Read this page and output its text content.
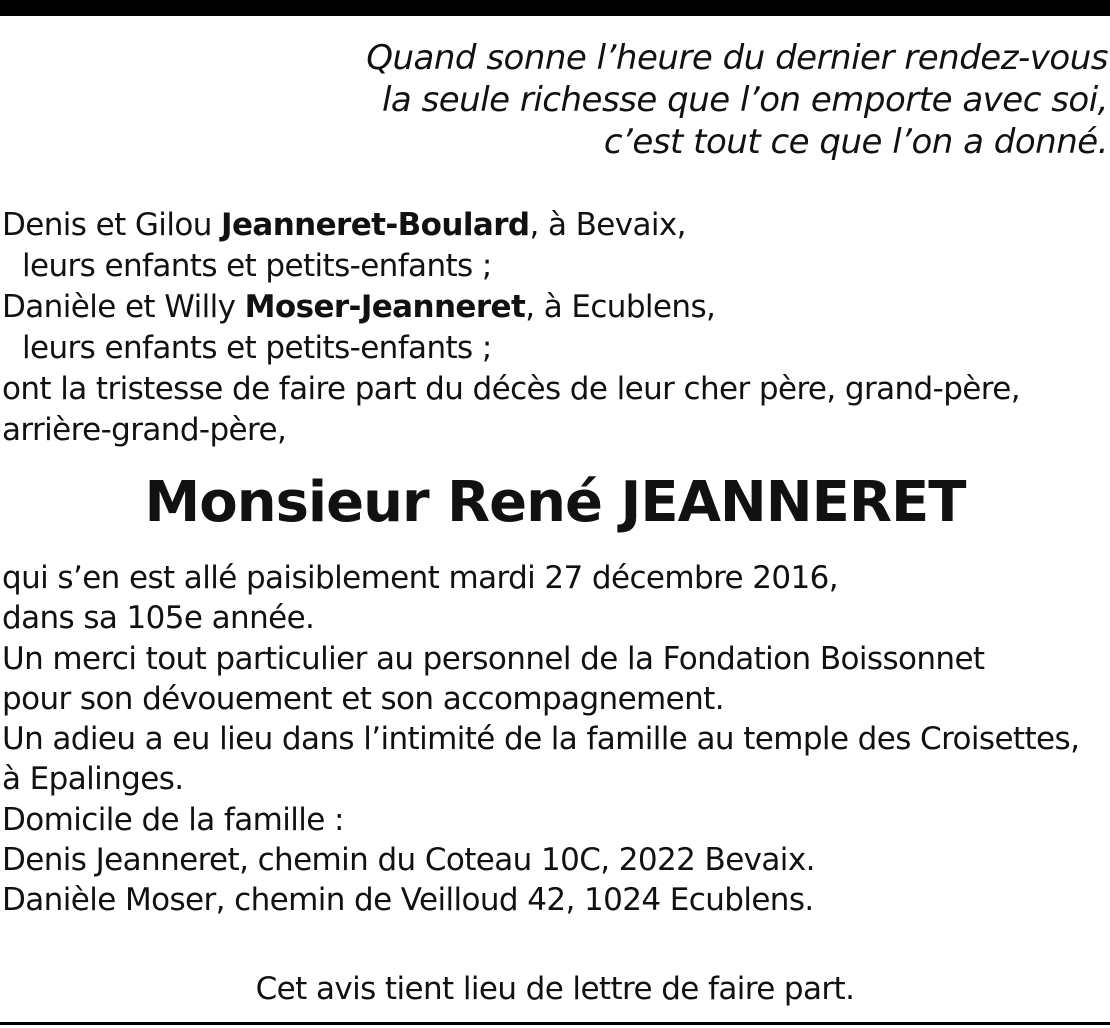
Quand sonne l’heure du dernier rendez-vous
la seule richesse que l’on emporte avec soi,
c’est tout ce que l’on a donné.
Denis et Gilou Jeanneret-Boulard, à Bevaix,
leurs enfants et petits-enfants ;
Danièle et Willy Moser-Jeanneret, à Ecublens,
leurs enfants et petits-enfants ;
ont la tristesse de faire part du décès de leur cher père, grand-père,
arrière-grand-père,
Monsieur René JEANNERET
qui s’en est allé paisiblement mardi 27 décembre 2016,
dans sa 105e année.
Un merci tout particulier au personnel de la Fondation Boissonnet
pour son dévouement et son accompagnement.
Un adieu a eu lieu dans l’intimité de la famille au temple des Croisettes,
à Epalinges.
Domicile de la famille :
Denis Jeanneret, chemin du Coteau 10C, 2022 Bevaix.
Danièle Moser, chemin de Veilloud 42, 1024 Ecublens.
Cet avis tient lieu de lettre de faire part.
